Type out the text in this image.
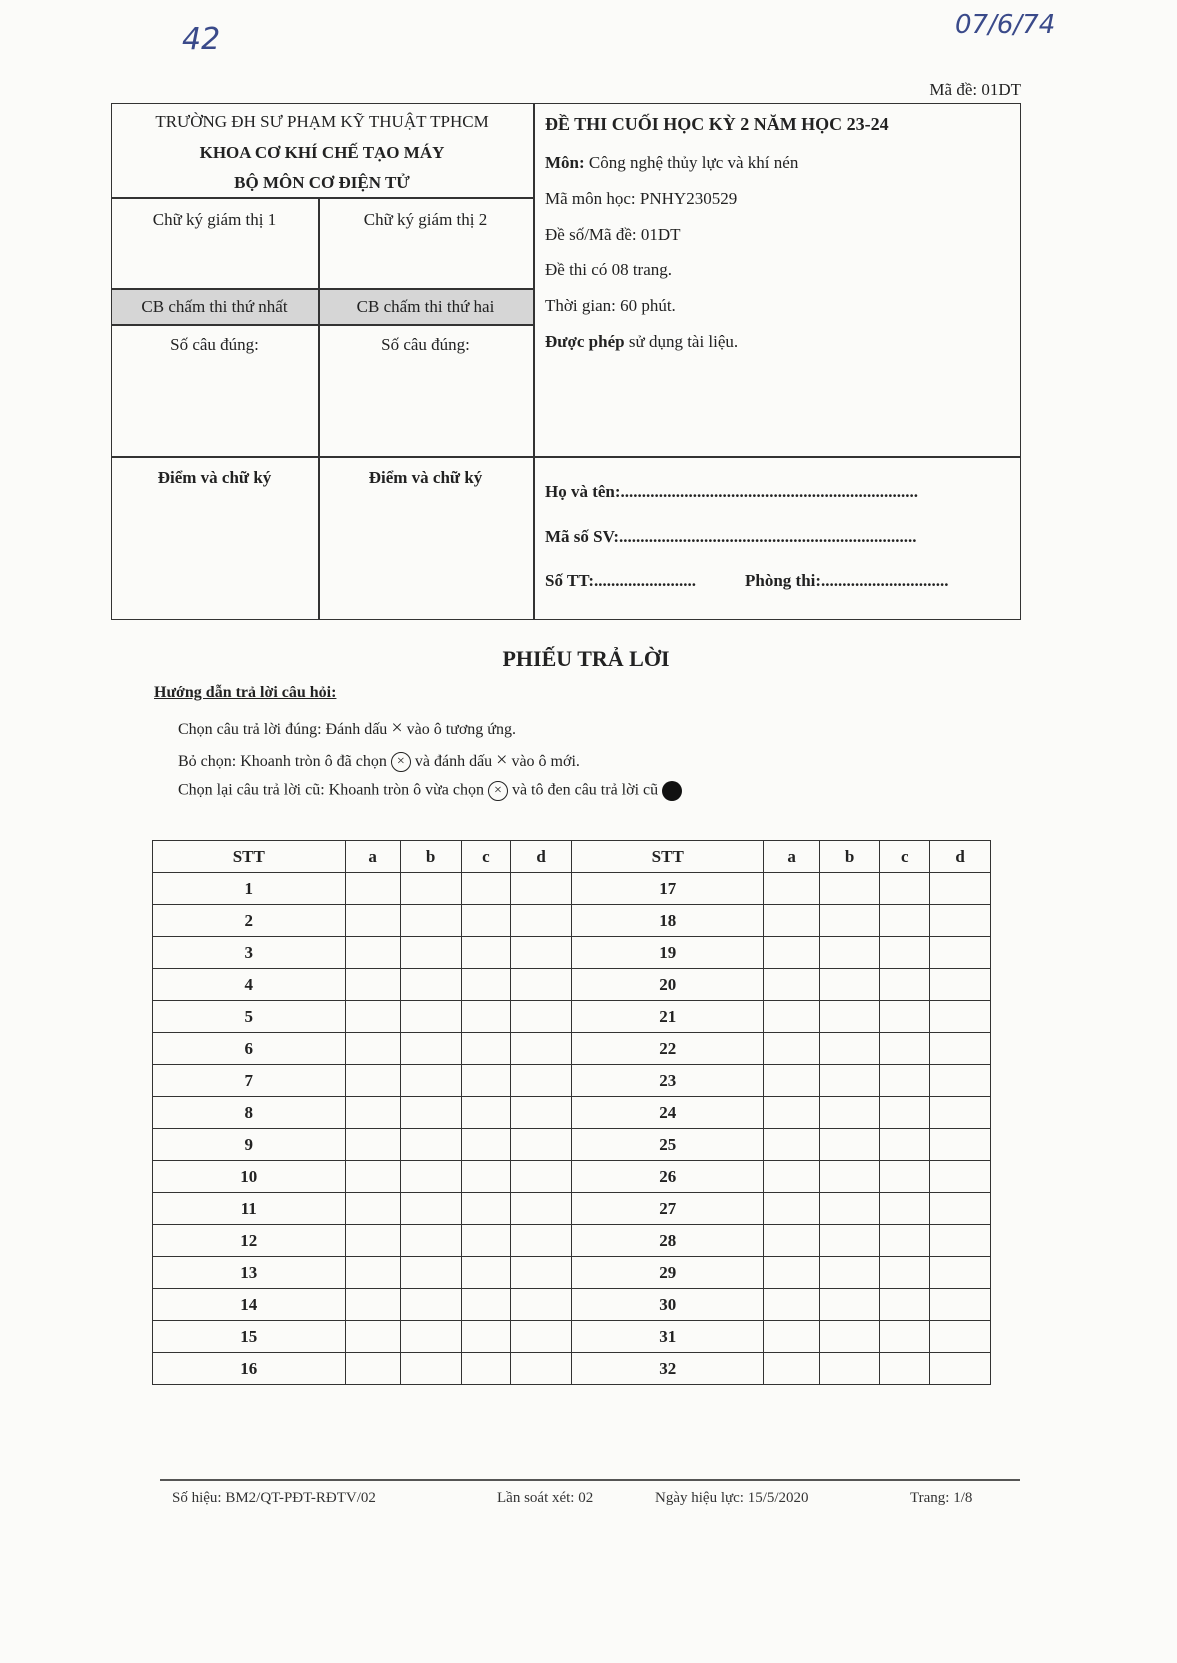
42	07/6/74
Mã đề: 01DT
TRƯỜNG ĐH SƯ PHẠM KỸ THUẬT TPHCM
KHOA CƠ KHÍ CHẾ TẠO MÁY
BỘ MÔN CƠ ĐIỆN TỬ
Chữ ký giám thị 1	Chữ ký giám thị 2
CB chấm thi thứ nhất	CB chấm thi thứ hai
Số câu đúng:	Số câu đúng:
Điểm và chữ ký	Điểm và chữ ký
ĐỀ THI CUỐI HỌC KỲ 2 NĂM HỌC 23-24
Môn: Công nghệ thủy lực và khí nén
Mã môn học: PNHY230529
Đề số/Mã đề: 01DT
Đề thi có 08 trang.
Thời gian: 60 phút.
Được phép sử dụng tài liệu.
Họ và tên:......................................................................
Mã số SV:......................................................................
Số TT:........................	Phòng thi:..............................
PHIẾU TRẢ LỜI
Hướng dẫn trả lời câu hỏi:
Chọn câu trả lời đúng: Đánh dấu × vào ô tương ứng.
Bỏ chọn: Khoanh tròn ô đã chọn × và đánh dấu × vào ô mới.
Chọn lại câu trả lời cũ: Khoanh tròn ô vừa chọn × và tô đen câu trả lời cũ
STT	a	b	c	d	STT	a	b	c	d
1					17				
2					18				
3					19				
4					20				
5					21				
6					22				
7					23				
8					24				
9					25				
10					26				
11					27				
12					28				
13					29				
14					30				
15					31				
16					32				
Số hiệu: BM2/QT-PĐT-RĐTV/02	Lần soát xét: 02	Ngày hiệu lực: 15/5/2020	Trang: 1/8
